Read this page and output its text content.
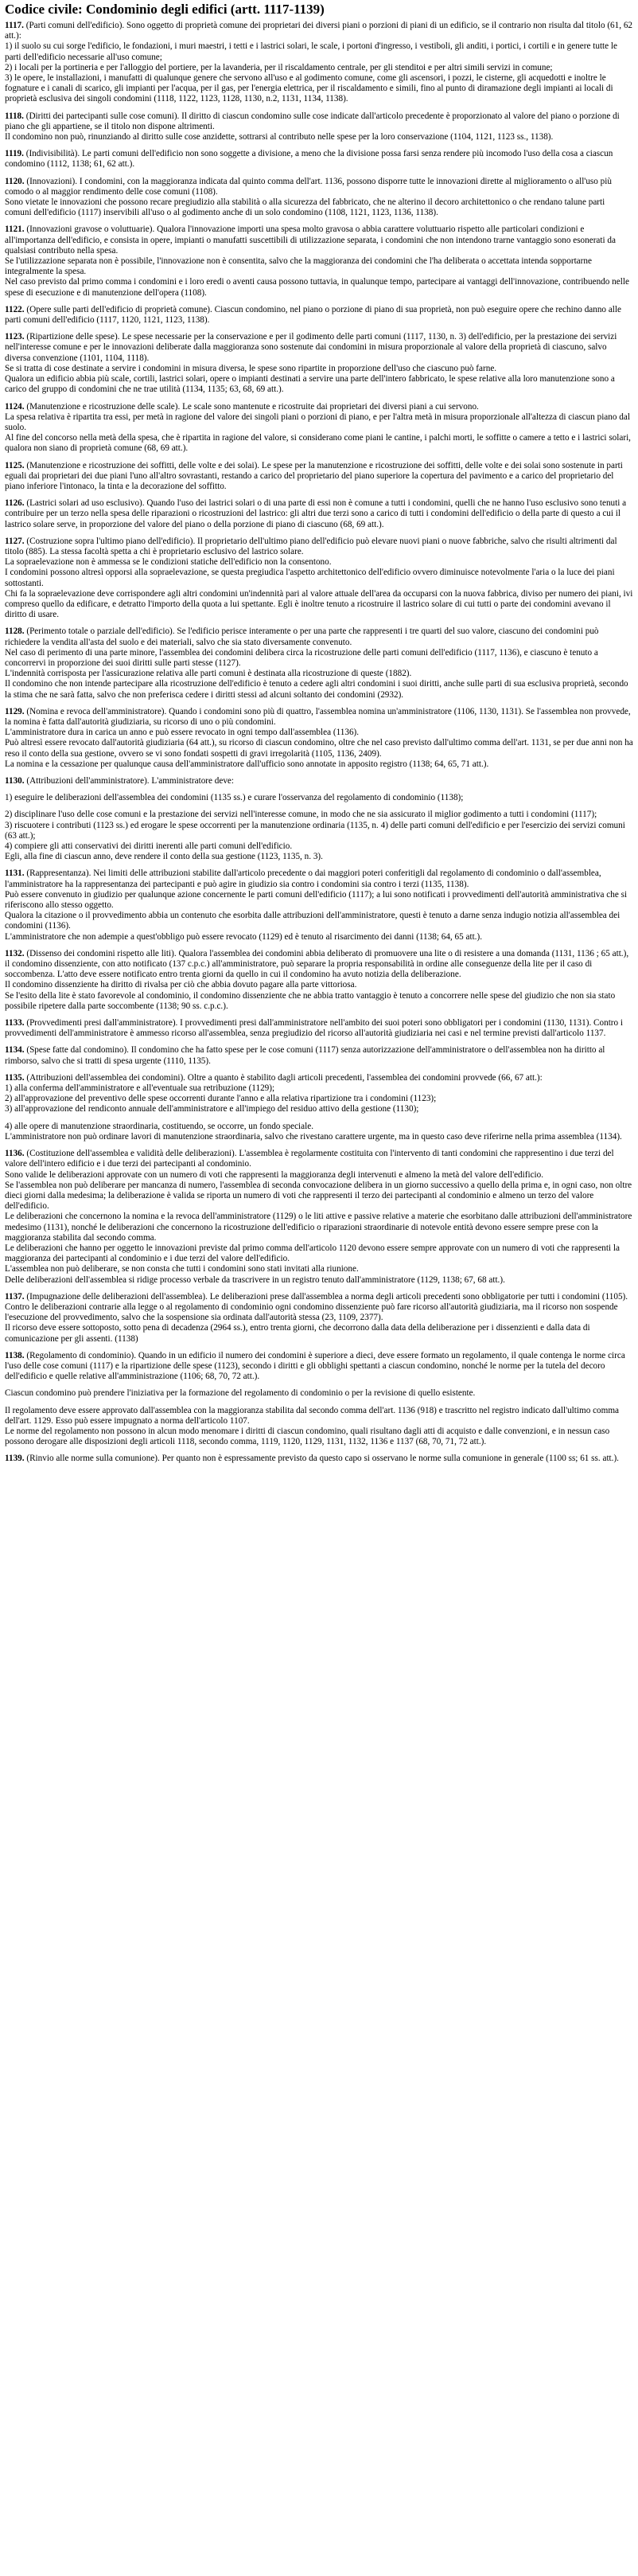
Codice civile: Condominio degli edifici (artt. 1117-1139)

1117. (Parti comuni dell'edificio). Sono oggetto di proprietà comune dei proprietari dei diversi piani o porzioni di piani di un edificio, se il contrario non risulta dal titolo (61, 62 att.):

1) il suolo su cui sorge l'edificio, le fondazioni, i muri maestri, i tetti e i lastrici solari, le scale, i portoni d'ingresso, i vestiboli, gli anditi, i portici, i cortili e in genere tutte le parti dell'edificio necessarie all'uso comune;

2) i locali per la portineria e per l'alloggio del portiere, per la lavanderia, per il riscaldamento centrale, per gli stenditoi e per altri simili servizi in comune;

3) le opere, le installazioni, i manufatti di qualunque genere che servono all'uso e al godimento comune, come gli ascensori, i pozzi, le cisterne, gli acquedotti e inoltre le fognature e i canali di scarico, gli impianti per l'acqua, per il gas, per l'energia elettrica, per il riscaldamento e simili, fino al punto di diramazione degli impianti ai locali di proprietà esclusiva dei singoli condomini (1118, 1122, 1123, 1128, 1130, n.2, 1131, 1134, 1138).

1118. (Diritti dei partecipanti sulle cose comuni). Il diritto di ciascun condomino sulle cose indicate dall'articolo precedente è proporzionato al valore del piano o porzione di piano che gli appartiene, se il titolo non dispone altrimenti.

Il condomino non può, rinunziando al diritto sulle cose anzidette, sottrarsi al contributo nelle spese per la loro conservazione (1104, 1121, 1123 ss., 1138).

1119. (Indivisibilità). Le parti comuni dell'edificio non sono soggette a divisione, a meno che la divisione possa farsi senza rendere più incomodo l'uso della cosa a ciascun condomino (1112, 1138; 61, 62 att.).

1120. (Innovazioni). I condomini, con la maggioranza indicata dal quinto comma dell'art. 1136, possono disporre tutte le innovazioni dirette al miglioramento o all'uso più comodo o al maggior rendimento delle cose comuni (1108).

Sono vietate le innovazioni che possono recare pregiudizio alla stabilità o alla sicurezza del fabbricato, che ne alterino il decoro architettonico o che rendano talune parti comuni dell'edificio (1117) inservibili all'uso o al godimento anche di un solo condomino (1108, 1121, 1123, 1136, 1138).

1121. (Innovazioni gravose o voluttuarie). Qualora l'innovazione importi una spesa molto gravosa o abbia carattere voluttuario rispetto alle particolari condizioni e all'importanza dell'edificio, e consista in opere, impianti o manufatti suscettibili di utilizzazione separata, i condomini che non intendono trarne vantaggio sono esonerati da qualsiasi contributo nella spesa.

Se l'utilizzazione separata non è possibile, l'innovazione non è consentita, salvo che la maggioranza dei condomini che l'ha deliberata o accettata intenda sopportarne integralmente la spesa.

Nel caso previsto dal primo comma i condomini e i loro eredi o aventi causa possono tuttavia, in qualunque tempo, partecipare ai vantaggi dell'innovazione, contribuendo nelle spese di esecuzione e di manutenzione dell'opera (1108).

1122. (Opere sulle parti dell'edificio di proprietà comune). Ciascun condomino, nel piano o porzione di piano di sua proprietà, non può eseguire opere che rechino danno alle parti comuni dell'edificio (1117, 1120, 1121, 1123, 1138).

1123. (Ripartizione delle spese). Le spese necessarie per la conservazione e per il godimento delle parti comuni (1117, 1130, n. 3) dell'edificio, per la prestazione dei servizi nell'interesse comune e per le innovazioni deliberate dalla maggioranza sono sostenute dai condomini in misura proporzionale al valore della proprietà di ciascuno, salvo diversa convenzione (1101, 1104, 1118).

Se si tratta di cose destinate a servire i condomini in misura diversa, le spese sono ripartite in proporzione dell'uso che ciascuno può farne.

Qualora un edificio abbia più scale, cortili, lastrici solari, opere o impianti destinati a servire una parte dell'intero fabbricato, le spese relative alla loro manutenzione sono a carico del gruppo di condomini che ne trae utilità (1134, 1135; 63, 68, 69 att.).

1124. (Manutenzione e ricostruzione delle scale). Le scale sono mantenute e ricostruite dai proprietari dei diversi piani a cui servono.

La spesa relativa è ripartita tra essi, per metà in ragione del valore dei singoli piani o porzioni di piano, e per l'altra metà in misura proporzionale all'altezza di ciascun piano dal suolo.

Al fine del concorso nella metà della spesa, che è ripartita in ragione del valore, si considerano come piani le cantine, i palchi morti, le soffitte o camere a tetto e i lastrici solari, qualora non siano di proprietà comune (68, 69 att.).

1125. (Manutenzione e ricostruzione dei soffitti, delle volte e dei solai). Le spese per la manutenzione e ricostruzione dei soffitti, delle volte e dei solai sono sostenute in parti eguali dai proprietari dei due piani l'uno all'altro sovrastanti, restando a carico del proprietario del piano superiore la copertura del pavimento e a carico del proprietario del piano inferiore l'intonaco, la tinta e la decorazione del soffitto.

1126. (Lastrici solari ad uso esclusivo). Quando l'uso dei lastrici solari o di una parte di essi non è comune a tutti i condomini, quelli che ne hanno l'uso esclusivo sono tenuti a contribuire per un terzo nella spesa delle riparazioni o ricostruzioni del lastrico: gli altri due terzi sono a carico di tutti i condomini dell'edificio o della parte di questo a cui il lastrico solare serve, in proporzione del valore del piano o della porzione di piano di ciascuno (68, 69 att.).

1127. (Costruzione sopra l'ultimo piano dell'edificio). Il proprietario dell'ultimo piano dell'edificio può elevare nuovi piani o nuove fabbriche, salvo che risulti altrimenti dal titolo (885). La stessa facoltà spetta a chi è proprietario esclusivo del lastrico solare.

La sopraelevazione non è ammessa se le condizioni statiche dell'edificio non la consentono.

I condomini possono altresì opporsi alla sopraelevazione, se questa pregiudica l'aspetto architettonico dell'edificio ovvero diminuisce notevolmente l'aria o la luce dei piani sottostanti.

Chi fa la sopraelevazione deve corrispondere agli altri condomini un'indennità pari al valore attuale dell'area da occuparsi con la nuova fabbrica, diviso per numero dei piani, ivi compreso quello da edificare, e detratto l'importo della quota a lui spettante. Egli è inoltre tenuto a ricostruire il lastrico solare di cui tutti o parte dei condomini avevano il diritto di usare.

1128. (Perimento totale o parziale dell'edificio). Se l'edificio perisce interamente o per una parte che rappresenti i tre quarti del suo valore, ciascuno dei condomini può richiedere la vendita all'asta del suolo e dei materiali, salvo che sia stato diversamente convenuto.

Nel caso di perimento di una parte minore, l'assemblea dei condomini delibera circa la ricostruzione delle parti comuni dell'edificio (1117, 1136), e ciascuno è tenuto a concorrervi in proporzione dei suoi diritti sulle parti stesse (1127).

L'indennità corrisposta per l'assicurazione relativa alle parti comuni è destinata alla ricostruzione di queste (1882).

Il condomino che non intende partecipare alla ricostruzione dell'edificio è tenuto a cedere agli altri condomini i suoi diritti, anche sulle parti di sua esclusiva proprietà, secondo la stima che ne sarà fatta, salvo che non preferisca cedere i diritti stessi ad alcuni soltanto dei condomini (2932).

1129. (Nomina e revoca dell'amministratore). Quando i condomini sono più di quattro, l'assemblea nomina un'amministratore (1106, 1130, 1131). Se l'assemblea non provvede, la nomina è fatta dall'autorità giudiziaria, su ricorso di uno o più condomini.

L'amministratore dura in carica un anno e può essere revocato in ogni tempo dall'assemblea (1136).

Può altresì essere revocato dall'autorità giudiziaria (64 att.), su ricorso di ciascun condomino, oltre che nel caso previsto dall'ultimo comma dell'art. 1131, se per due anni non ha reso il conto della sua gestione, ovvero se vi sono fondati sospetti di gravi irregolarità (1105, 1136, 2409).

La nomina e la cessazione per qualunque causa dell'amministratore dall'ufficio sono annotate in apposito registro (1138; 64, 65, 71 att.).

1130. (Attribuzioni dell'amministratore). L'amministratore deve:

1) eseguire le deliberazioni dell'assemblea dei condomini (1135 ss.) e curare l'osservanza del regolamento di condominio (1138);

2) disciplinare l'uso delle cose comuni e la prestazione dei servizi nell'interesse comune, in modo che ne sia assicurato il miglior godimento a tutti i condomini (1117);

3) riscuotere i contributi (1123 ss.) ed erogare le spese occorrenti per la manutenzione ordinaria (1135, n. 4) delle parti comuni dell'edificio e per l'esercizio dei servizi comuni (63 att.);

4) compiere gli atti conservativi dei diritti inerenti alle parti comuni dell'edificio.

Egli, alla fine di ciascun anno, deve rendere il conto della sua gestione (1123, 1135, n. 3).

1131. (Rappresentanza). Nei limiti delle attribuzioni stabilite dall'articolo precedente o dai maggiori poteri conferitigli dal regolamento di condominio o dall'assemblea, l'amministratore ha la rappresentanza dei partecipanti e può agire in giudizio sia contro i condomini sia contro i terzi (1135, 1138).

Può essere convenuto in giudizio per qualunque azione concernente le parti comuni dell'edificio (1117); a lui sono notificati i provvedimenti dell'autorità amministrativa che si riferiscono allo stesso oggetto.

Qualora la citazione o il provvedimento abbia un contenuto che esorbita dalle attribuzioni dell'amministratore, questi è tenuto a darne senza indugio notizia all'assemblea dei condomini (1136).

L'amministratore che non adempie a quest'obbligo può essere revocato (1129) ed è tenuto al risarcimento dei danni (1138; 64, 65 att.).

1132. (Dissenso dei condomini rispetto alle liti). Qualora l'assemblea dei condomini abbia deliberato di promuovere una lite o di resistere a una domanda (1131, 1136 ; 65 att.), il condomino dissenziente, con atto notificato (137 c.p.c.) all'amministratore, può separare la propria responsabilità in ordine alle conseguenze della lite per il caso di soccombenza. L'atto deve essere notificato entro trenta giorni da quello in cui il condomino ha avuto notizia della deliberazione.

Il condomino dissenziente ha diritto di rivalsa per ciò che abbia dovuto pagare alla parte vittoriosa.

Se l'esito della lite è stato favorevole al condominio, il condomino dissenziente che ne abbia tratto vantaggio è tenuto a concorrere nelle spese del giudizio che non sia stato possibile ripetere dalla parte soccombente (1138; 90 ss. c.p.c.).

1133. (Provvedimenti presi dall'amministratore). I provvedimenti presi dall'amministratore nell'ambito dei suoi poteri sono obbligatori per i condomini (1130, 1131). Contro i provvedimenti dell'amministratore è ammesso ricorso all'assemblea, senza pregiudizio del ricorso all'autorità giudiziaria nei casi e nel termine previsti dall'articolo 1137.

1134. (Spese fatte dal condomino). Il condomino che ha fatto spese per le cose comuni (1117) senza autorizzazione dell'amministratore o dell'assemblea non ha diritto al rimborso, salvo che si tratti di spesa urgente (1110, 1135).

1135. (Attribuzioni dell'assemblea dei condomini). Oltre a quanto è stabilito dagli articoli precedenti, l'assemblea dei condomini provvede (66, 67 att.):

1) alla conferma dell'amministratore e all'eventuale sua retribuzione (1129);

2) all'approvazione del preventivo delle spese occorrenti durante l'anno e alla relativa ripartizione tra i condomini (1123);

3) all'approvazione del rendiconto annuale dell'amministratore e all'impiego del residuo attivo della gestione (1130);

4) alle opere di manutenzione straordinaria, costituendo, se occorre, un fondo speciale.

L'amministratore non può ordinare lavori di manutenzione straordinaria, salvo che rivestano carattere urgente, ma in questo caso deve riferirne nella prima assemblea (1134).

1136. (Costituzione dell'assemblea e validità delle deliberazioni). L'assemblea è regolarmente costituita con l'intervento di tanti condomini che rappresentino i due terzi del valore dell'intero edificio e i due terzi dei partecipanti al condominio.

Sono valide le deliberazioni approvate con un numero di voti che rappresenti la maggioranza degli intervenuti e almeno la metà del valore dell'edificio.

Se l'assemblea non può deliberare per mancanza di numero, l'assemblea di seconda convocazione delibera in un giorno successivo a quello della prima e, in ogni caso, non oltre dieci giorni dalla medesima; la deliberazione è valida se riporta un numero di voti che rappresenti il terzo dei partecipanti al condominio e almeno un terzo del valore dell'edificio.

Le deliberazioni che concernono la nomina e la revoca dell'amministratore (1129) o le liti attive e passive relative a materie che esorbitano dalle attribuzioni dell'amministratore medesimo (1131), nonché le deliberazioni che concernono la ricostruzione dell'edificio o riparazioni straordinarie di notevole entità devono essere sempre prese con la maggioranza stabilita dal secondo comma.

Le deliberazioni che hanno per oggetto le innovazioni previste dal primo comma dell'articolo 1120 devono essere sempre approvate con un numero di voti che rappresenti la maggioranza dei partecipanti al condominio e i due terzi del valore dell'edificio.

L'assemblea non può deliberare, se non consta che tutti i condomini sono stati invitati alla riunione.

Delle deliberazioni dell'assemblea si ridige processo verbale da trascrivere in un registro tenuto dall'amministratore (1129, 1138; 67, 68 att.).

1137. (Impugnazione delle deliberazioni dell'assemblea). Le deliberazioni prese dall'assemblea a norma degli articoli precedenti sono obbligatorie per tutti i condomini (1105).

Contro le deliberazioni contrarie alla legge o al regolamento di condominio ogni condomino dissenziente può fare ricorso all'autorità giudiziaria, ma il ricorso non sospende l'esecuzione del provvedimento, salvo che la sospensione sia ordinata dall'autorità stessa (23, 1109, 2377).

Il ricorso deve essere sottoposto, sotto pena di decadenza (2964 ss.), entro trenta giorni, che decorrono dalla data della deliberazione per i dissenzienti e dalla data di comunicazione per gli assenti. (1138)

1138. (Regolamento di condominio). Quando in un edificio il numero dei condomini è superiore a dieci, deve essere formato un regolamento, il quale contenga le norme circa l'uso delle cose comuni (1117) e la ripartizione delle spese (1123), secondo i diritti e gli obblighi spettanti a ciascun condomino, nonché le norme per la tutela del decoro dell'edificio e quelle relative all'amministrazione (1106; 68, 70, 72 att.).

Ciascun condomino può prendere l'iniziativa per la formazione del regolamento di condominio o per la revisione di quello esistente.

Il regolamento deve essere approvato dall'assemblea con la maggioranza stabilita dal secondo comma dell'art. 1136 (918) e trascritto nel registro indicato dall'ultimo comma dell'art. 1129. Esso può essere impugnato a norma dell'articolo 1107.

Le norme del regolamento non possono in alcun modo menomare i diritti di ciascun condomino, quali risultano dagli atti di acquisto e dalle convenzioni, e in nessun caso possono derogare alle disposizioni degli articoli 1118, secondo comma, 1119, 1120, 1129, 1131, 1132, 1136 e 1137 (68, 70, 71, 72 att.).

1139. (Rinvio alle norme sulla comunione). Per quanto non è espressamente previsto da questo capo si osservano le norme sulla comunione in generale (1100 ss; 61 ss. att.).
